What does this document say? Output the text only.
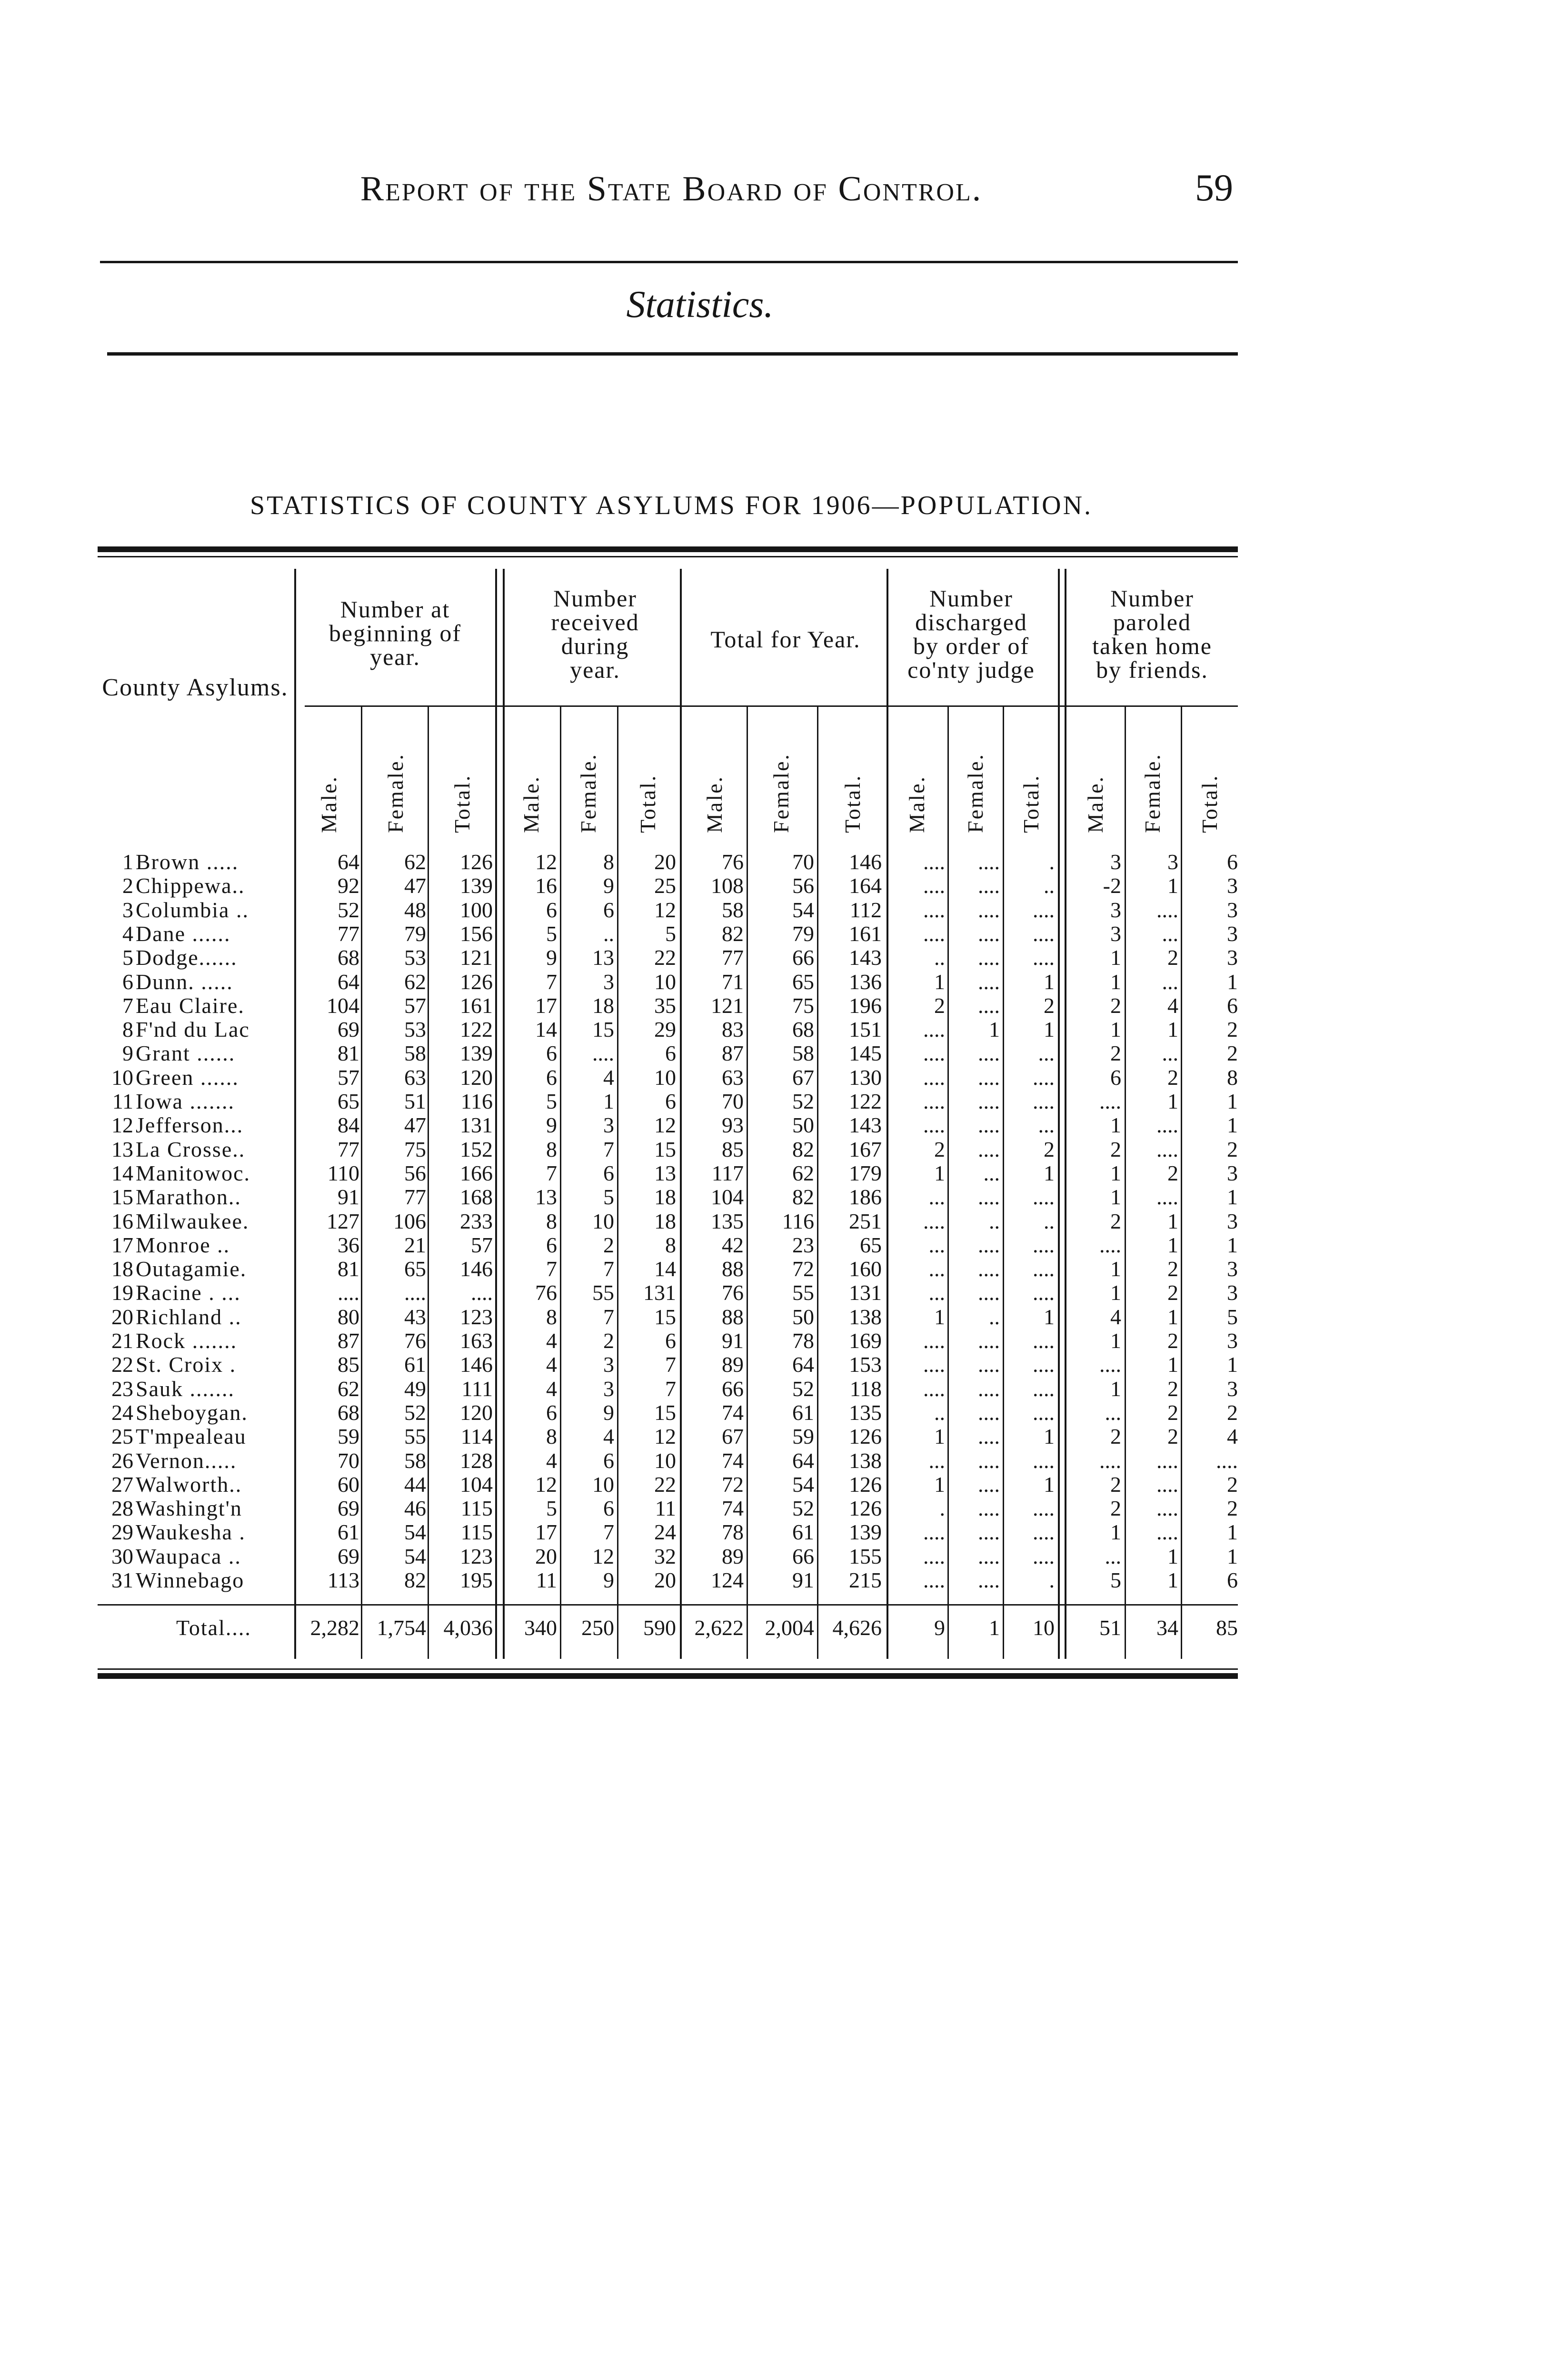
Report of the State Board of Control.	59
Statistics.
STATISTICS OF COUNTY ASYLUMS FOR 1906—POPULATION.
Number at
beginning of
year.
Number
received
during
year.
Total for Year.
Number
discharged
by order of
co'nty judge
Number
paroled
taken home
by friends.
County Asylums.
Male. Female. Total. Male. Female. Total. Male. Female. Total. Male. Female. Total. Male. Female. Total.
1 Brown .....	64 62 126 12 8 20 76 70 146 .... .... .	3 3 6
2 Chippewa..	92 47 139 16 9 25 108 56 164 .... .... .. -2 1 3
3 Columbia ..	52 48 100 6 6 12 58 54 112 .... .... ....	3 .... 3
4 Dane ......	77 79 156 5 .. 5 82 79 161 .... .... ....	3 ... 3
5 Dodge......	68 53 121 9 13 22 77 66 143 .. .... ....	1 2 3
6 Dunn. .....	64 62 126 7 3 10 71 65 136 1 .... 1	1 ... 1
7 Eau Claire.	104 57 161 17 18 35 121 75 196 2 .... 2	2 4 6
8 F'nd du Lac	69 53 122 14 15 29 83 68 151 .... 1 1	1 1 2
9 Grant ......	81 58 139 6 .... 6 87 58 145 .... .... ...	2 ... 2
10 Green ......	57 63 120 6 4 10 63 67 130 .... .... ....	6 2 8
11 Iowa .......	65 51 116 5 1 6 70 52 122 .... .... .... .... 1 1
12 Jefferson...	84 47 131 9 3 12 93 50 143 .... .... ...	1 .... 1
13 La Crosse..	77 75 152 8 7 15 85 82 167 2 .... 2	2 .... 2
14 Manitowoc.	110 56 166 7 6 13 117 62 179 1 ... 1	1 2 3
15 Marathon..	91 77 168 13 5 18 104 82 186 ... .... ....	1 .... 1
16 Milwaukee.	127 106 233 8 10 18 135 116 251 .... .. ..	2 1 3
17 Monroe ..	36 21 57 6 2 8 42 23 65 ... .... .... .... 1 1
18 Outagamie.	81 65 146 7 7 14 88 72 160 ... .... ....	1 2 3
19 Racine . ...	.... .... .... 76 55 131 76 55 131 ... .... ....	1 2 3
20 Richland ..	80 43 123 8 7 15 88 50 138 1 .. 1	4 1 5
21 Rock .......	87 76 163 4 2 6 91 78 169 .... .... ....	1 2 3
22 St. Croix .	85 61 146 4 3 7 89 64 153 .... .... .... .... 1 1
23 Sauk .......	62 49 111 4 3 7 66 52 118 .... .... ....	1 2 3
24 Sheboygan.	68 52 120 6 9 15 74 61 135 .. .... .... ... 2 2
25 T'mpealeau	59 55 114 8 4 12 67 59 126 1 .... 1	2 2 4
26 Vernon.....	70 58 128 4 6 10 74 64 138 ... .... .... .... .... ....
27 Walworth..	60 44 104 12 10 22 72 54 126 1 .... 1	2 .... 2
28 Washingt'n	69 46 115 5 6 11 74 52 126	. .... ....	2 .... 2
29 Waukesha .	61 54 115 17 7 24 78 61 139 .... .... ....	1 .... 1
30 Waupaca ..	69 54 123 20 12 32 89 66 155 .... .... .... ... 1 1
31 Winnebago	113 82 195 11 9 20 124 91 215 .... .... .	5 1 6
Total....	2,282 1,754 4,036 340 250 590 2,622 2,004 4,626 9 1 10 51 34 85
